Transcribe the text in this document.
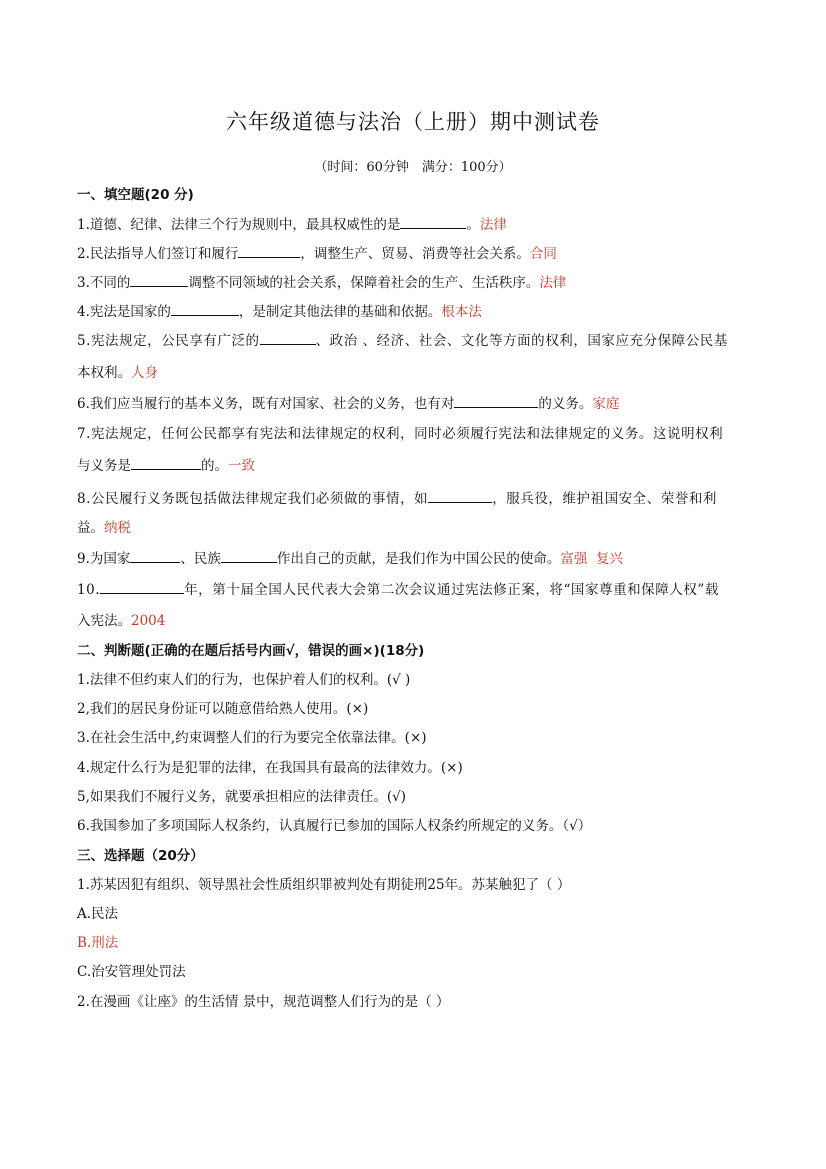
六年级道德与法治（上册）期中测试卷
（时间：60分钟　满分：100分）
一、填空题(20 分)
1.道德、纪律、法律三个行为规则中，最具权威性的是	。法律
2.民法指导人们签订和履行	，调整生产、贸易、消费等社会关系。合同
3.不同的	调整不同领域的社会关系，保障着社会的生产、生活秩序。法律
4.宪法是国家的	，是制定其他法律的基础和依据。根本法
5.宪法规定，公民享有广泛的	、政治 、经济、社会、文化等方面的权利，国家应充分保障公民基
本权利。人身
6.我们应当履行的基本义务，既有对国家、社会的义务，也有对	的义务。家庭
7.宪法规定，任何公民都享有宪法和法律规定的权利，同时必须履行宪法和法律规定的义务。这说明权利
与义务是	的。一致
8.公民履行义务既包括做法律规定我们必须做的事情，如	，服兵役，维护祖国安全、荣誉和利
益。纳税
9.为国家	、民族	作出自己的贡献，是我们作为中国公民的使命。富强  复兴
10.	年，第十届全国人民代表大会第二次会议通过宪法修正案，将“国家尊重和保障人权”载
入宪法。2004
二、判断题(正确的在题后括号内画√，错误的画×)(18分)
1.法律不但约束人们的行为，也保护着人们的权利。(√ )
2,我们的居民身份证可以随意借给熟人使用。(×)
3.在社会生活中,约束调整人们的行为要完全依靠法律。(×)
4.规定什么行为是犯罪的法律，在我国具有最高的法律效力。(×)
5,如果我们不履行义务，就要承担相应的法律责任。(√)
6.我国参加了多项国际人权条约，认真履行已参加的国际人权条约所规定的义务。（√）
三、选择题（20分）
1.苏某因犯有组织、领导黑社会性质组织罪被判处有期徒刑25年。苏某触犯了（ ）
A.民法
B.刑法
C.治安管理处罚法
2.在漫画《让座》的生活情 景中，规范调整人们行为的是（ ）
